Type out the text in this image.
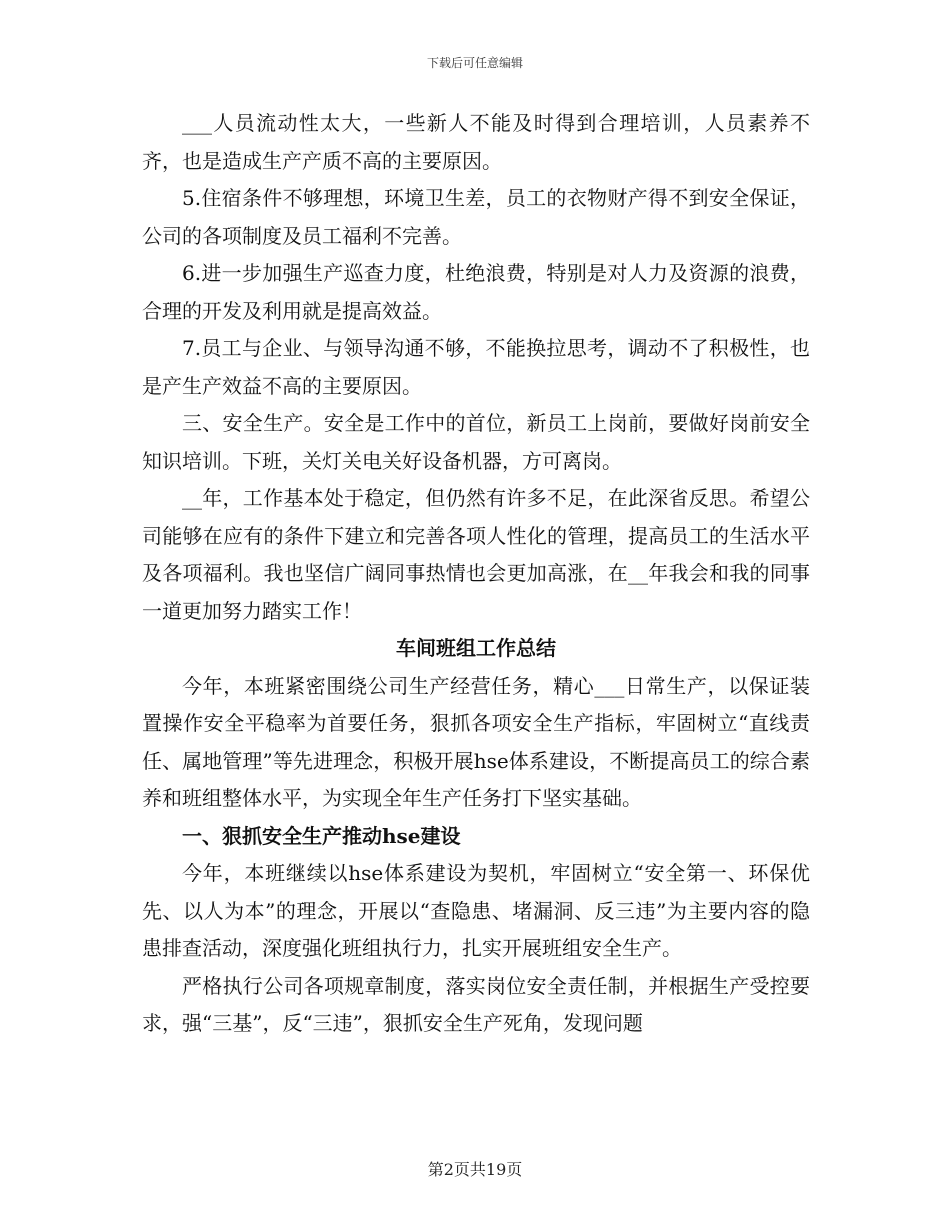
下载后可任意编辑

___人员流动性太大，一些新人不能及时得到合理培训，人员素养不齐，也是造成生产产质不高的主要原因。

5.住宿条件不够理想，环境卫生差，员工的衣物财产得不到安全保证，公司的各项制度及员工福利不完善。

6.进一步加强生产巡查力度，杜绝浪费，特别是对人力及资源的浪费，合理的开发及利用就是提高效益。

7.员工与企业、与领导沟通不够，不能换拉思考，调动不了积极性，也是产生产效益不高的主要原因。

三、安全生产。安全是工作中的首位，新员工上岗前，要做好岗前安全知识培训。下班，关灯关电关好设备机器，方可离岗。

__年，工作基本处于稳定，但仍然有许多不足，在此深省反思。希望公司能够在应有的条件下建立和完善各项人性化的管理，提高员工的生活水平及各项福利。我也坚信广阔同事热情也会更加高涨，在__年我会和我的同事一道更加努力踏实工作！

车间班组工作总结

今年，本班紧密围绕公司生产经营任务，精心___日常生产，以保证装置操作安全平稳率为首要任务，狠抓各项安全生产指标，牢固树立“直线责任、属地管理”等先进理念，积极开展hse体系建设，不断提高员工的综合素养和班组整体水平，为实现全年生产任务打下坚实基础。

一、狠抓安全生产推动hse建设

今年，本班继续以hse体系建设为契机，牢固树立“安全第一、环保优先、以人为本”的理念，开展以“查隐患、堵漏洞、反三违”为主要内容的隐患排查活动，深度强化班组执行力，扎实开展班组安全生产。

严格执行公司各项规章制度，落实岗位安全责任制，并根据生产受控要求，强“三基”，反“三违”，狠抓安全生产死角，发现问题

第2页共19页
